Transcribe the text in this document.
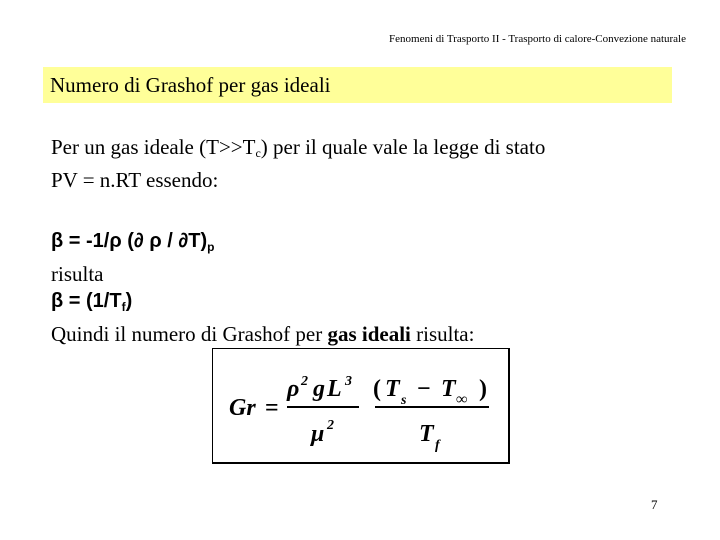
Fenomeni di Trasporto II - Trasporto di calore-Convezione naturale
Numero di Grashof per gas ideali
Per un gas ideale (T>>Tc) per il quale vale la legge di stato
PV = n.RT essendo:
β = -1/ρ (∂ ρ / $\partial T)_p$
risulta
$\beta = (1/T_f)$
Quindi il numero di Grashof per gas ideali risulta:
Gr =
ρ 2 g L 3
μ 2
( T s − T ∞ )
T f
7
